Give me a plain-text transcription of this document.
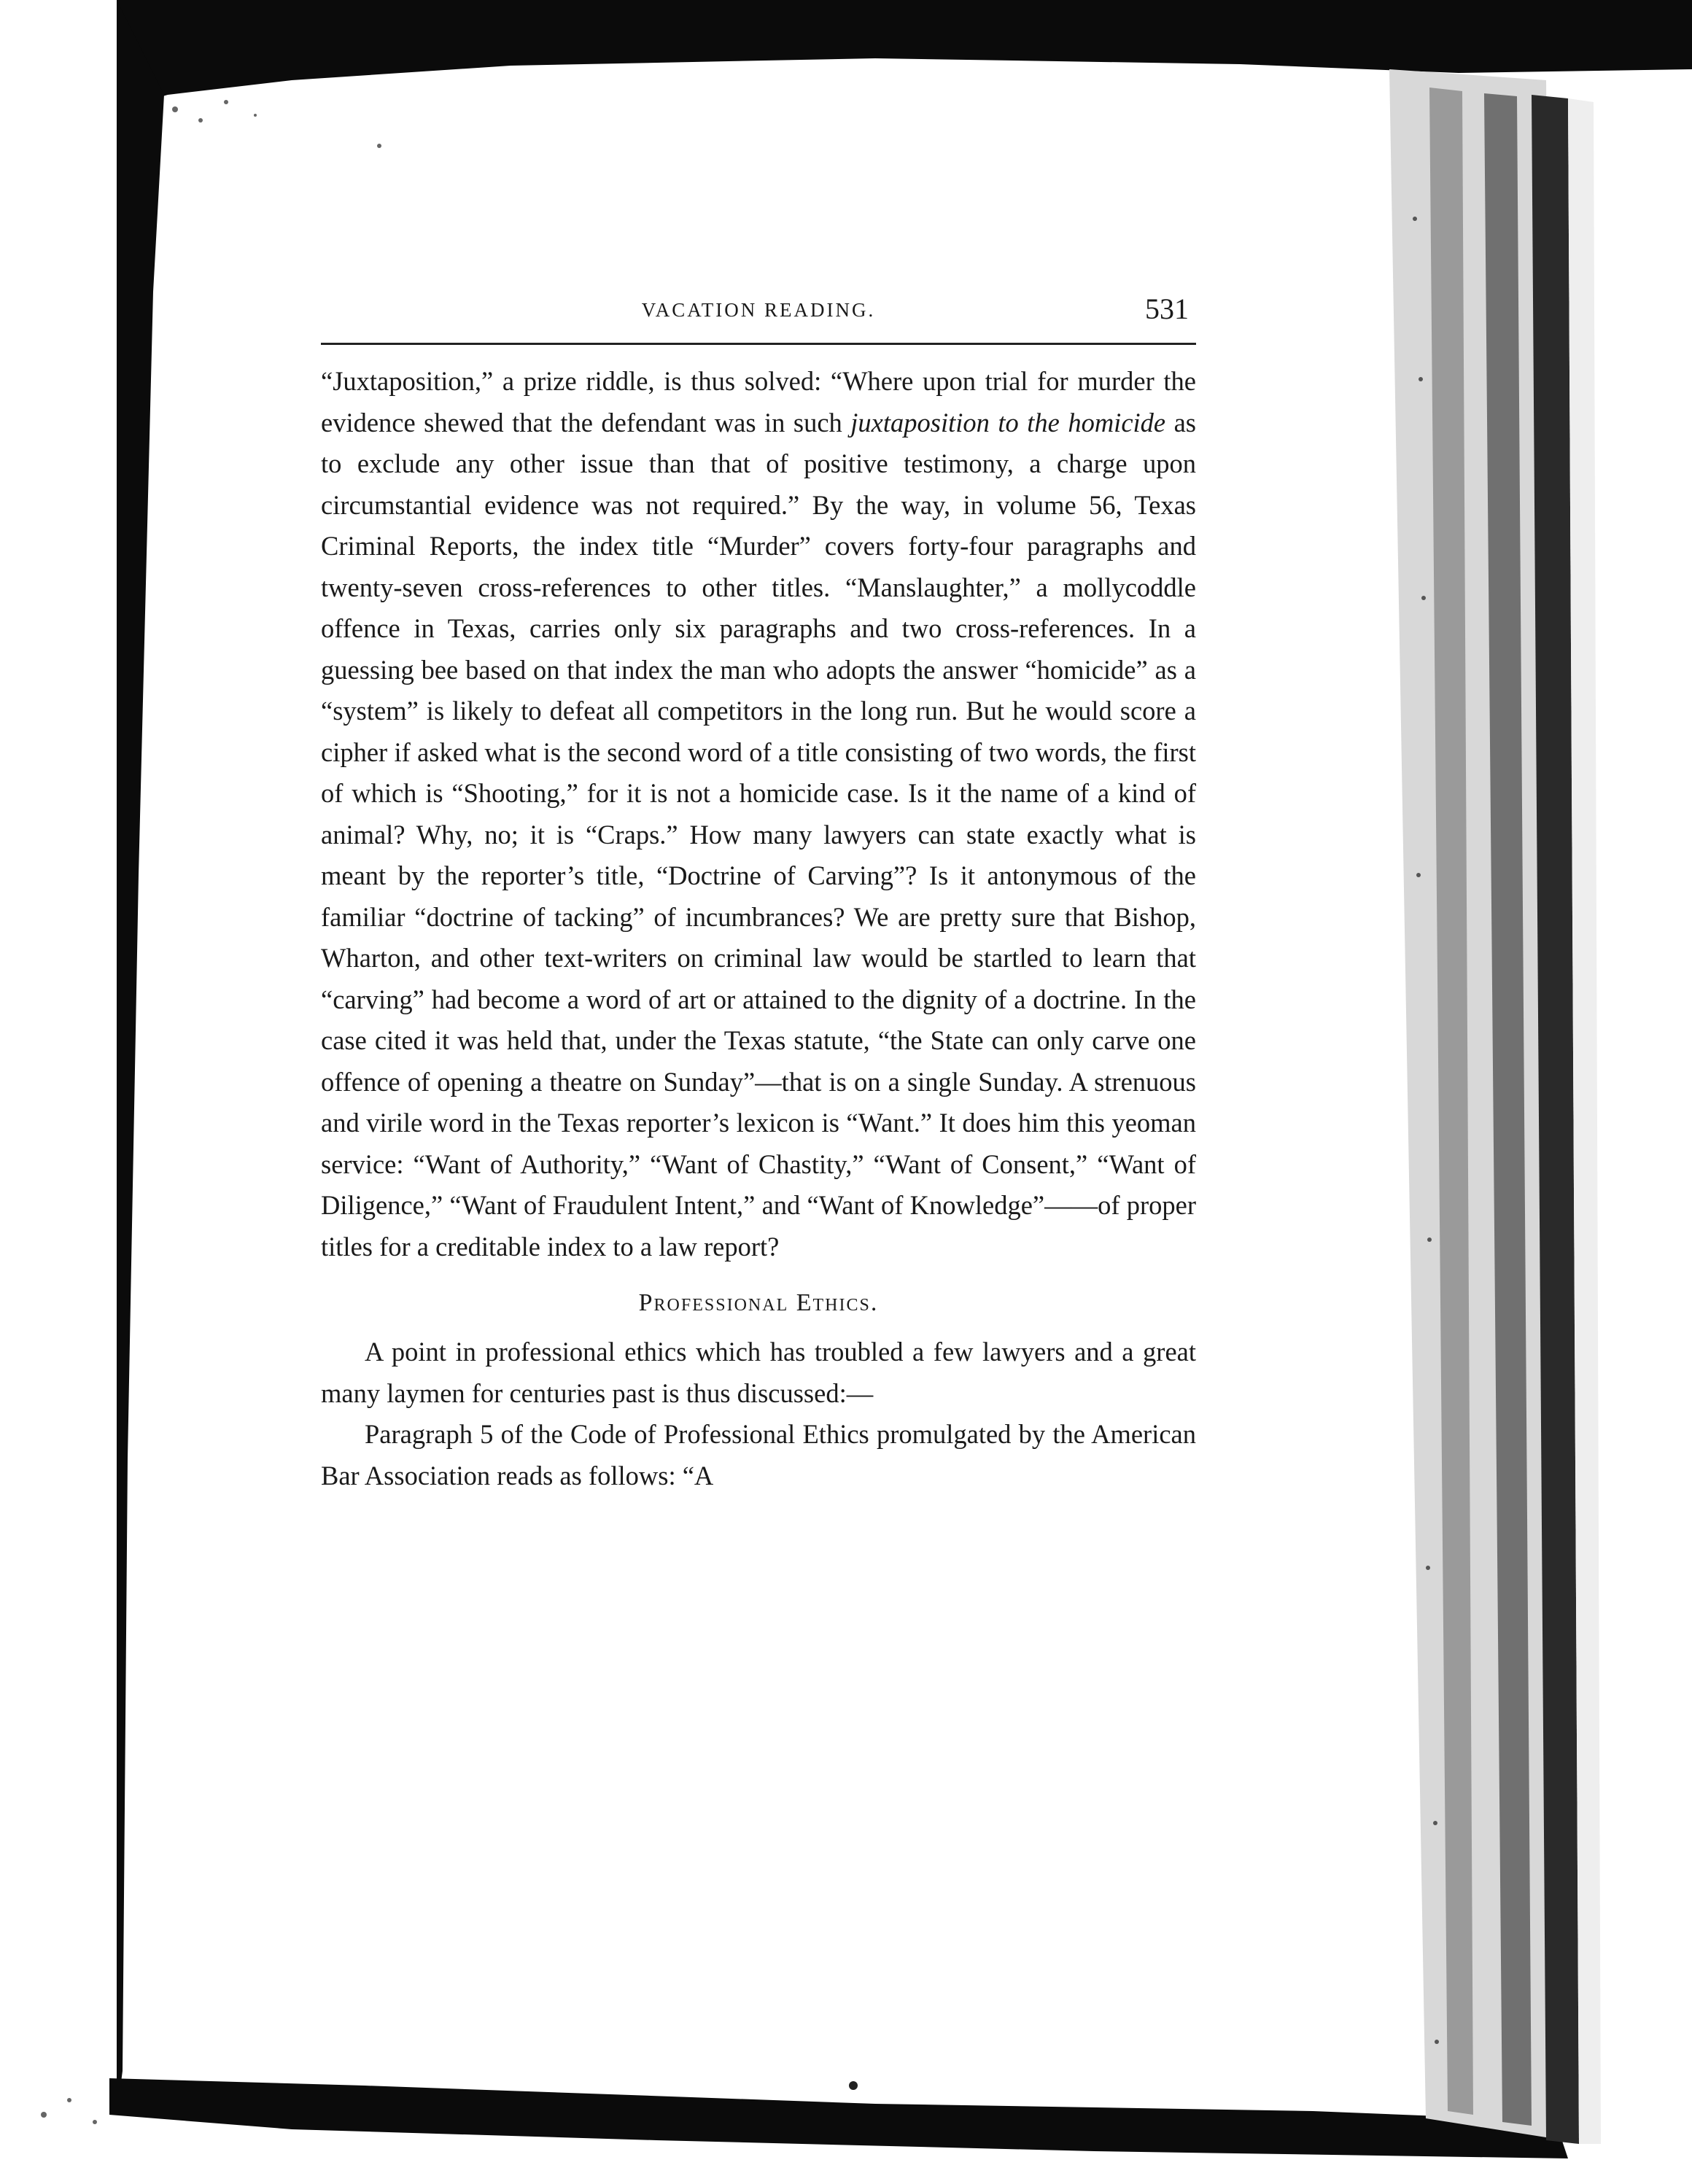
VACATION READING.	531

“Juxtaposition,” a prize riddle, is thus solved: “Where upon trial for murder the evidence shewed that the defendant was in such juxtaposition to the homicide as to exclude any other issue than that of positive testimony, a charge upon circumstantial evidence was not required.” By the way, in volume 56, Texas Criminal Reports, the index title “Murder” covers forty-four paragraphs and twenty-seven cross-references to other titles. “Manslaughter,” a mollycoddle offence in Texas, carries only six paragraphs and two cross-references. In a guessing bee based on that index the man who adopts the answer “homicide” as a “system” is likely to defeat all competitors in the long run. But he would score a cipher if asked what is the second word of a title consisting of two words, the first of which is “Shooting,” for it is not a homicide case. Is it the name of a kind of animal? Why, no; it is “Craps.” How many lawyers can state exactly what is meant by the reporter’s title, “Doctrine of Carving”? Is it antonymous of the familiar “doctrine of tacking” of incumbrances? We are pretty sure that Bishop, Wharton, and other text-writers on criminal law would be startled to learn that “carving” had become a word of art or attained to the dignity of a doctrine. In the case cited it was held that, under the Texas statute, “the State can only carve one offence of opening a theatre on Sunday”—that is on a single Sunday. A strenuous and virile word in the Texas reporter’s lexicon is “Want.” It does him this yeoman service: “Want of Authority,” “Want of Chastity,” “Want of Consent,” “Want of Diligence,” “Want of Fraudulent Intent,” and “Want of Knowledge”——of proper titles for a creditable index to a law report?

Professional Ethics.

A point in professional ethics which has troubled a few lawyers and a great many laymen for centuries past is thus discussed:—

Paragraph 5 of the Code of Professional Ethics promulgated by the American Bar Association reads as follows: “A
